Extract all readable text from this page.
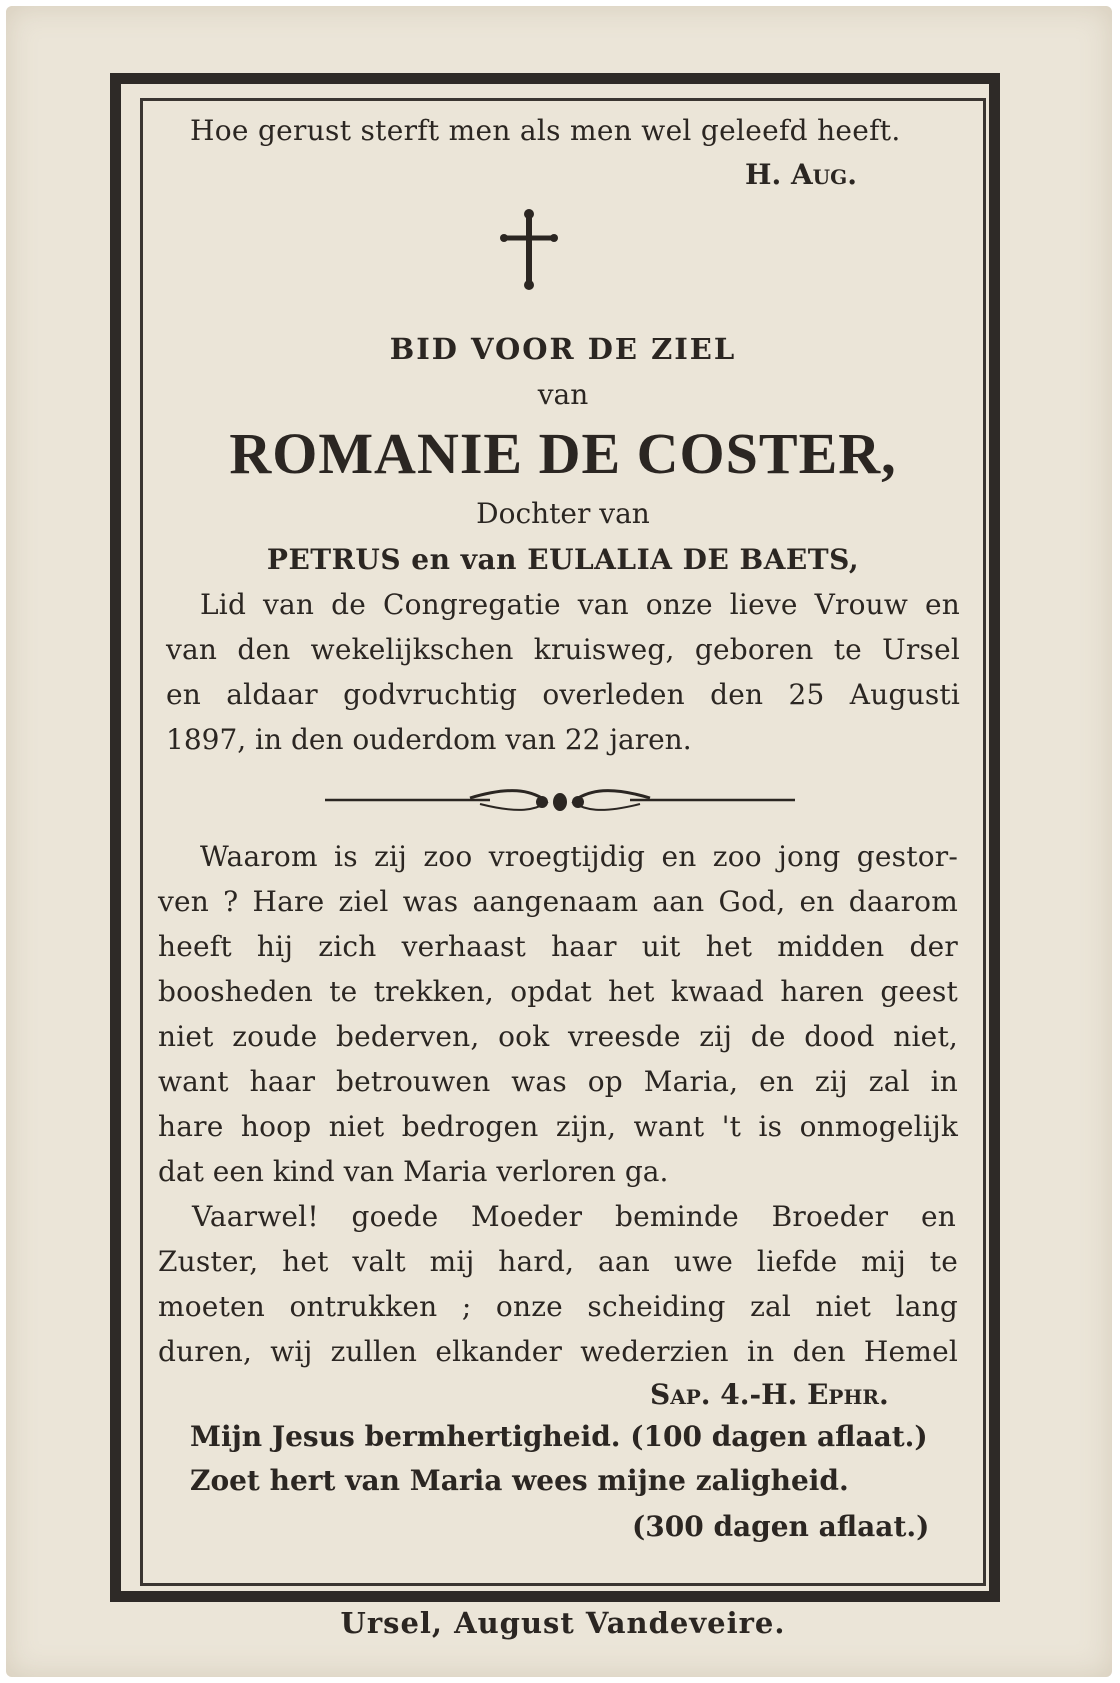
Hoe gerust sterft men als men wel geleefd heeft.
H. Aug.
BID VOOR DE ZIEL
van
ROMANIE DE COSTER,
Dochter van
PETRUS en van EULALIA DE BAETS,
Lid van de Congregatie van onze lieve Vrouw en
van den wekelijkschen kruisweg, geboren te Ursel
en aldaar godvruchtig overleden den 25 Augusti
1897, in den ouderdom van 22 jaren.
Waarom is zij zoo vroegtijdig en zoo jong gestor-
ven ? Hare ziel was aangenaam aan God, en daarom
heeft hij zich verhaast haar uit het midden der
boosheden te trekken, opdat het kwaad haren geest
niet zoude bederven, ook vreesde zij de dood niet,
want haar betrouwen was op Maria, en zij zal in
hare hoop niet bedrogen zijn, want 't is onmogelijk
dat een kind van Maria verloren ga.
Vaarwel! goede Moeder beminde Broeder en
Zuster, het valt mij hard, aan uwe liefde mij te
moeten ontrukken ; onze scheiding zal niet lang
duren, wij zullen elkander wederzien in den Hemel
Sap. 4.-H. Ephr.
Mijn Jesus bermhertigheid. (100 dagen aflaat.)
Zoet hert van Maria wees mijne zaligheid.
(300 dagen aflaat.)
Ursel, August Vandeveire.
